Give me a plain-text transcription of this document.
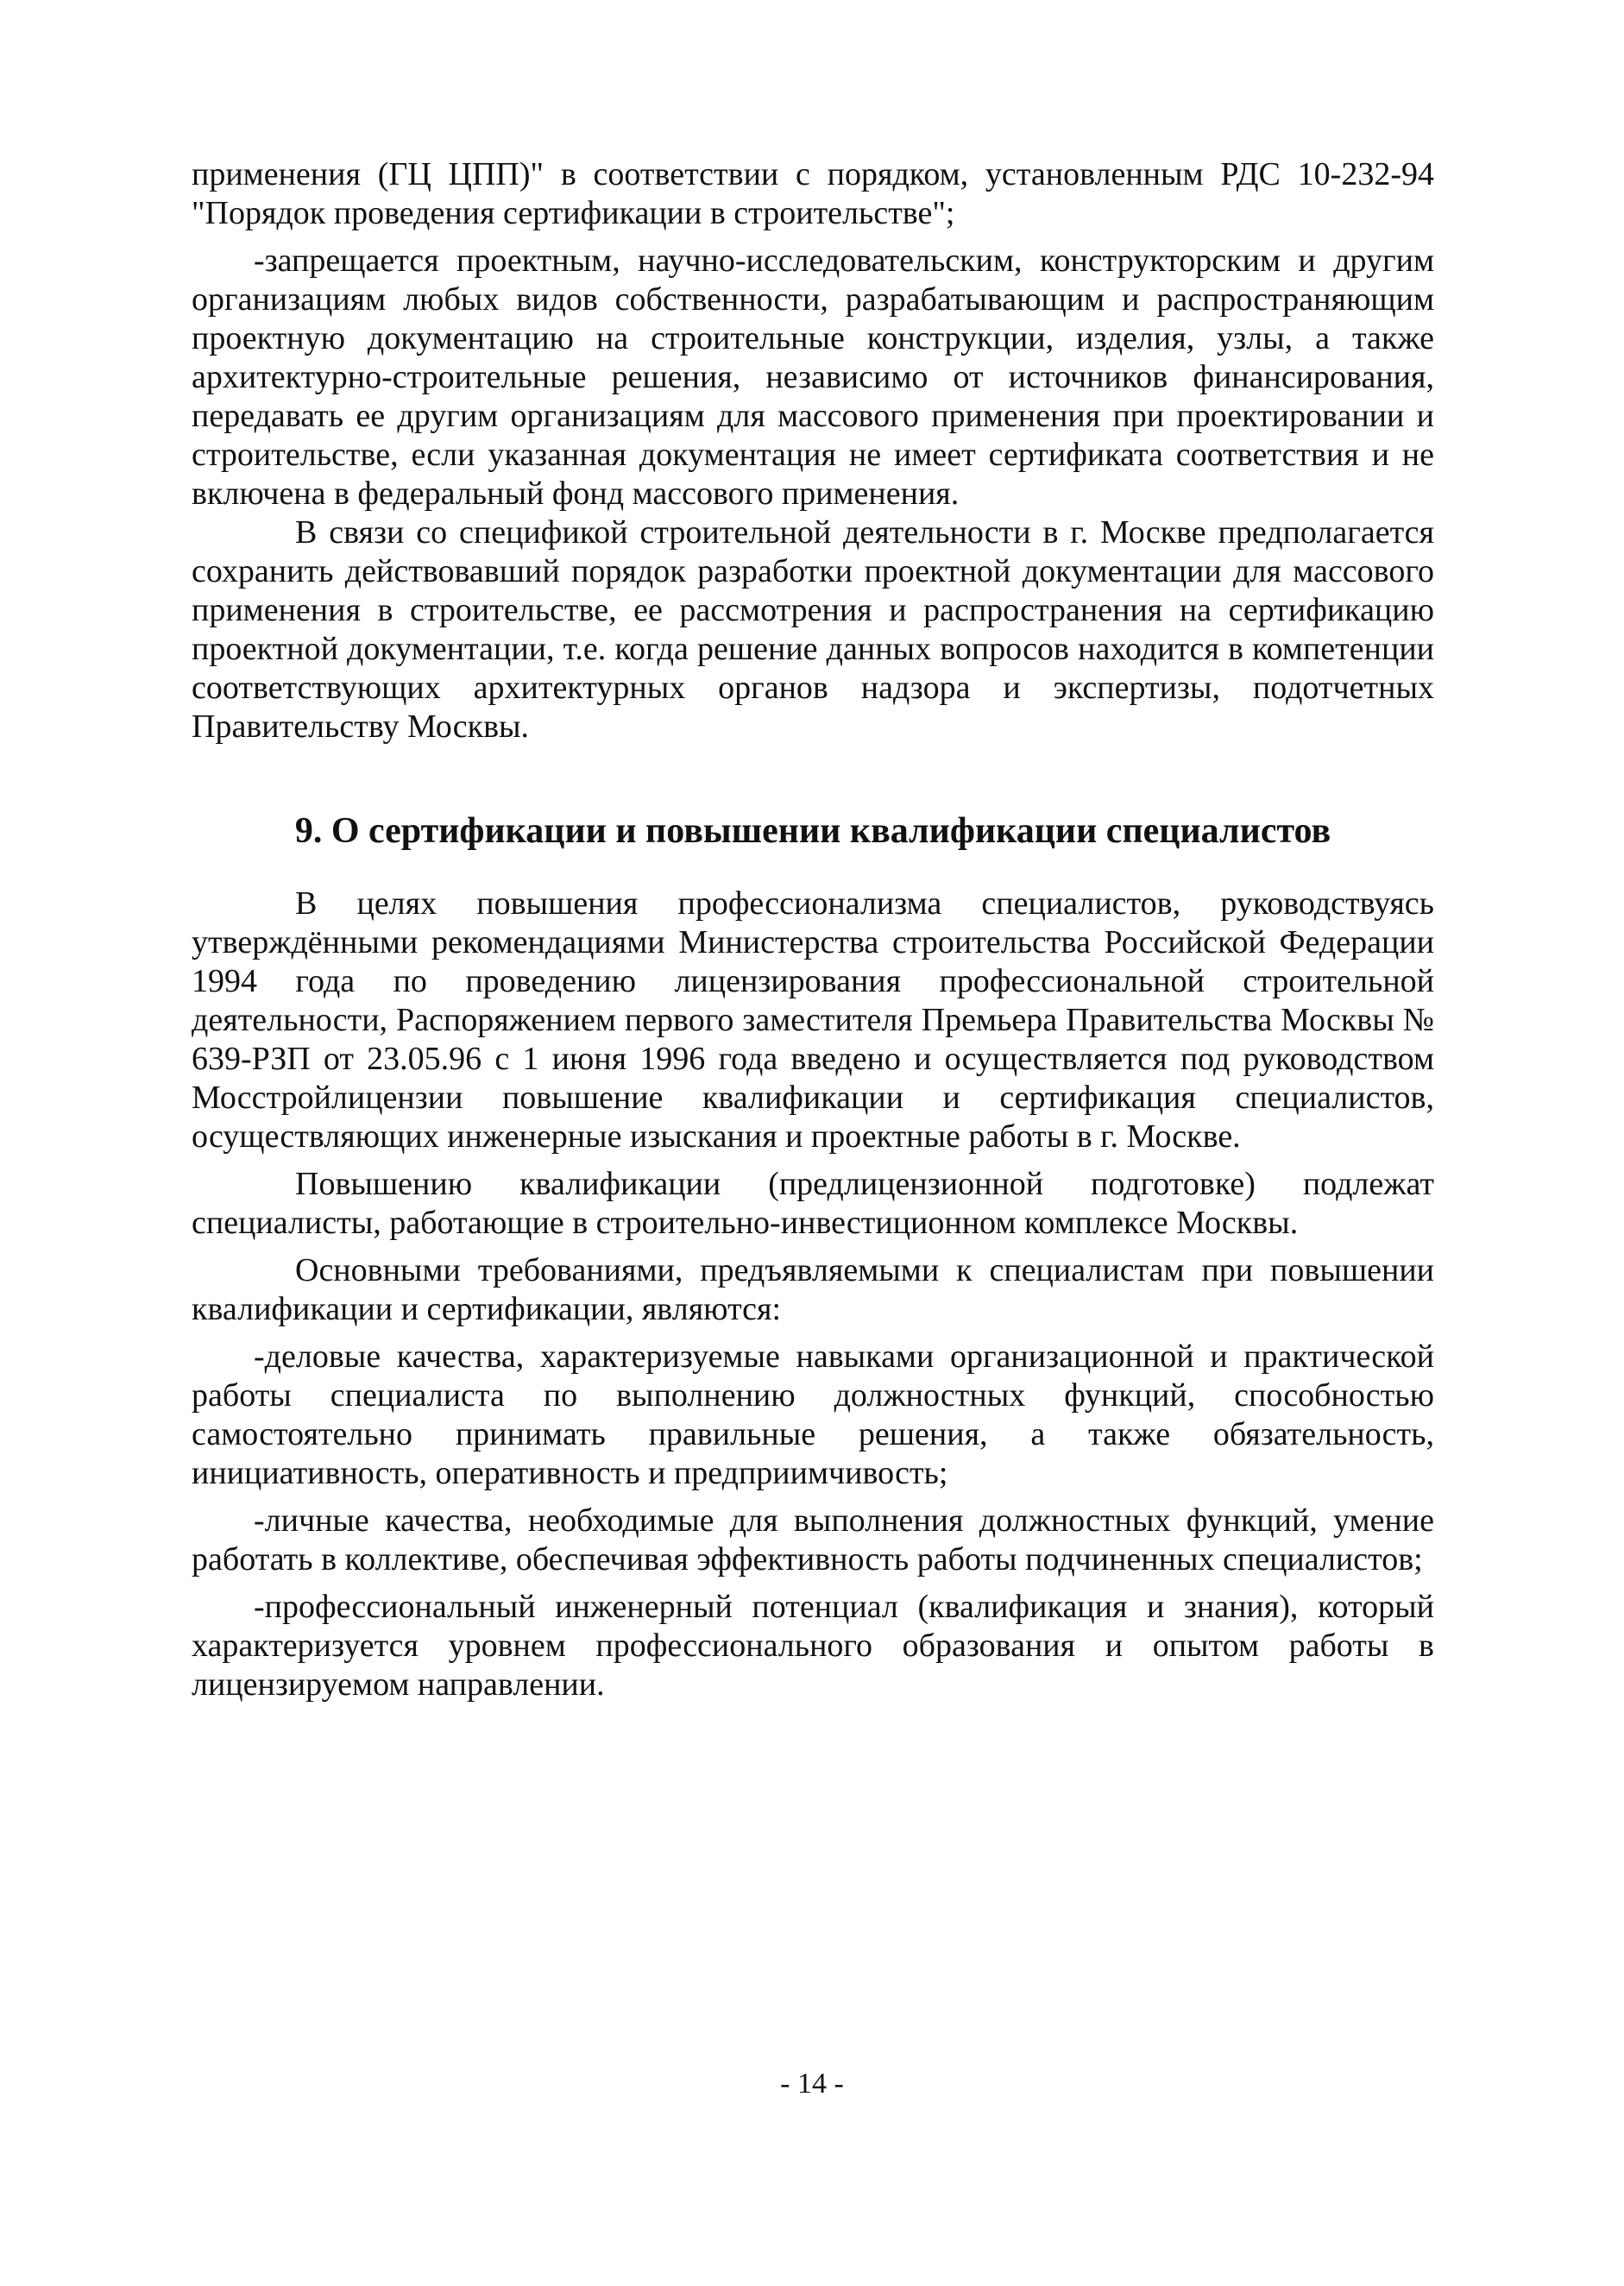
применения (ГЦ ЦПП)" в соответствии с порядком, установленным РДС 10-232-94 "Порядок проведения сертификации в строительстве";

-запрещается проектным, научно-исследовательским, конструкторским и другим организациям любых видов собственности, разрабатывающим и распространяющим проектную документацию на строительные конструкции, изделия, узлы, а также архитектурно-строительные решения, независимо от источников финансирования, передавать ее другим организациям для массового применения при проектировании и строительстве, если указанная документация не имеет сертификата соответствия и не включена в федеральный фонд массового применения.

В связи со спецификой строительной деятельности в г. Москве предполагается сохранить действовавший порядок разработки проектной документации для массового применения в строительстве, ее рассмотрения и распространения на сертификацию проектной документации, т.е. когда решение данных вопросов находится в компетенции соответствующих архитектурных органов надзора и экспертизы, подотчетных Правительству Москвы.

9. О сертификации и повышении квалификации специалистов

В целях повышения профессионализма специалистов, руководствуясь утверждёнными рекомендациями Министерства строительства Российской Федерации 1994 года по проведению лицензирования профессиональной строительной деятельности, Распоряжением первого заместителя Премьера Правительства Москвы № 639-РЗП от 23.05.96 с 1 июня 1996 года введено и осуществляется под руководством Мосстройлицензии повышение квалификации и сертификация специалистов, осуществляющих инженерные изыскания и проектные работы в г. Москве.

Повышению квалификации (предлицензионной подготовке) подлежат специалисты, работающие в строительно-инвестиционном комплексе Москвы.

Основными требованиями, предъявляемыми к специалистам при повышении квалификации и сертификации, являются:

-деловые качества, характеризуемые навыками организационной и практической работы специалиста по выполнению должностных функций, способностью самостоятельно принимать правильные решения, а также обязательность, инициативность, оперативность и предприимчивость;

-личные качества, необходимые для выполнения должностных функций, умение работать в коллективе, обеспечивая эффективность работы подчиненных специалистов;

-профессиональный инженерный потенциал (квалификация и знания), который характеризуется уровнем профессионального образования и опытом работы в лицензируемом направлении.

- 14 -
